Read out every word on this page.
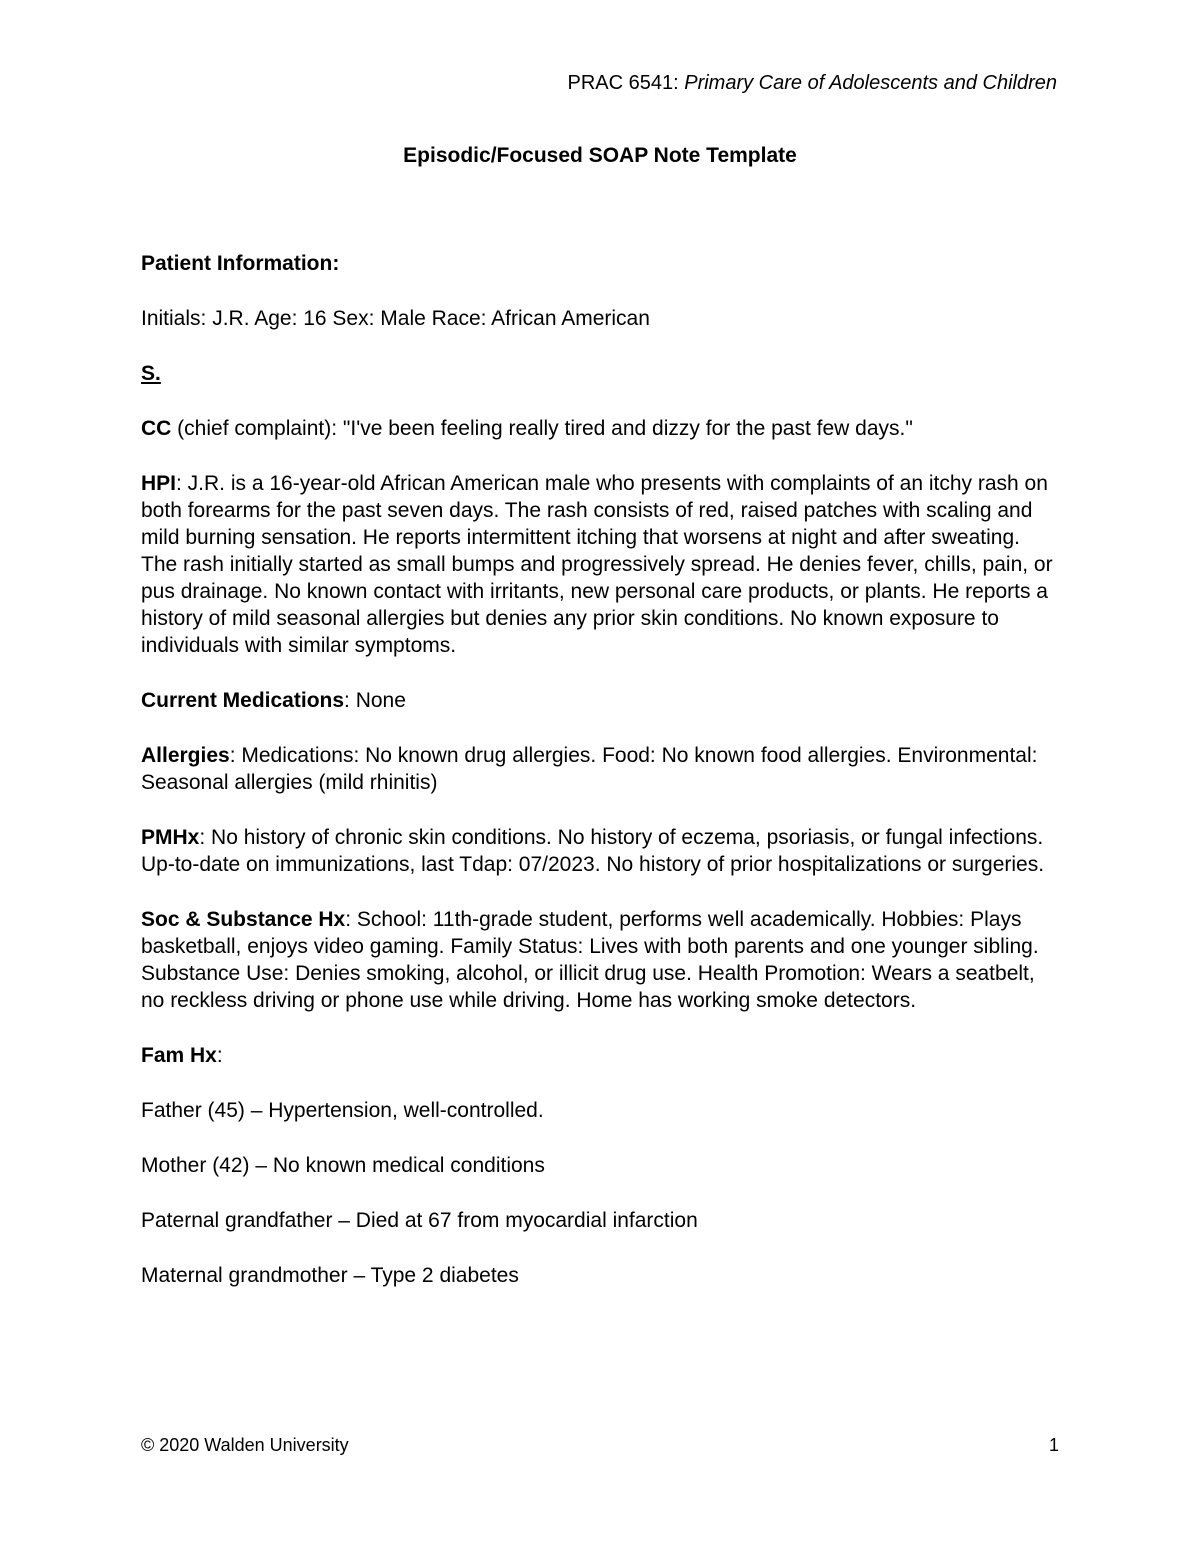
PRAC 6541: Primary Care of Adolescents and Children
Episodic/Focused SOAP Note Template

Patient Information:

Initials: J.R. Age: 16 Sex: Male Race: African American

S.

CC (chief complaint): "I've been feeling really tired and dizzy for the past few days."

HPI: J.R. is a 16-year-old African American male who presents with complaints of an itchy rash on both forearms for the past seven days. The rash consists of red, raised patches with scaling and mild burning sensation. He reports intermittent itching that worsens at night and after sweating. The rash initially started as small bumps and progressively spread. He denies fever, chills, pain, or pus drainage. No known contact with irritants, new personal care products, or plants. He reports a history of mild seasonal allergies but denies any prior skin conditions. No known exposure to individuals with similar symptoms.

Current Medications: None

Allergies: Medications: No known drug allergies. Food: No known food allergies. Environmental: Seasonal allergies (mild rhinitis)

PMHx: No history of chronic skin conditions. No history of eczema, psoriasis, or fungal infections. Up-to-date on immunizations, last Tdap: 07/2023. No history of prior hospitalizations or surgeries.

Soc & Substance Hx: School: 11th-grade student, performs well academically. Hobbies: Plays basketball, enjoys video gaming. Family Status: Lives with both parents and one younger sibling. Substance Use: Denies smoking, alcohol, or illicit drug use. Health Promotion: Wears a seatbelt, no reckless driving or phone use while driving. Home has working smoke detectors.

Fam Hx:

Father (45) – Hypertension, well-controlled.

Mother (42) – No known medical conditions

Paternal grandfather – Died at 67 from myocardial infarction

Maternal grandmother – Type 2 diabetes

© 2020 Walden University	1
